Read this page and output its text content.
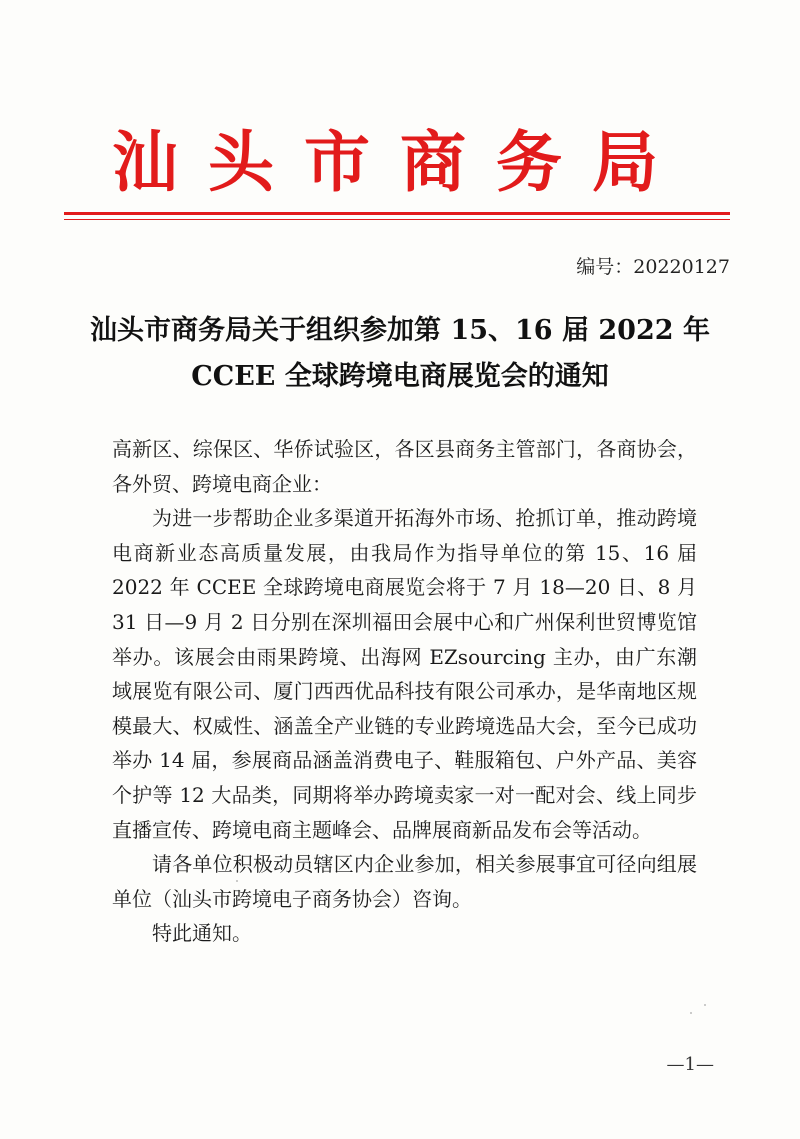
汕头市商务局
编号：20220127
汕头市商务局关于组织参加第 15、16 届 2022 年
CCEE 全球跨境电商展览会的通知

高新区、综保区、华侨试验区，各区县商务主管部门，各商协会，各外贸、跨境电商企业：

为进一步帮助企业多渠道开拓海外市场、抢抓订单，推动跨境电商新业态高质量发展，由我局作为指导单位的第 15、16 届 2022 年 CCEE 全球跨境电商展览会将于 7 月 18—20 日、8 月 31 日—9 月 2 日分别在深圳福田会展中心和广州保利世贸博览馆举办。该展会由雨果跨境、出海网 EZsourcing 主办，由广东潮域展览有限公司、厦门西西优品科技有限公司承办，是华南地区规模最大、权威性、涵盖全产业链的专业跨境选品大会，至今已成功举办 14 届，参展商品涵盖消费电子、鞋服箱包、户外产品、美容个护等 12 大品类，同期将举办跨境卖家一对一配对会、线上同步直播宣传、跨境电商主题峰会、品牌展商新品发布会等活动。

请各单位积极动员辖区内企业参加，相关参展事宜可径向组展单位（汕头市跨境电子商务协会）咨询。

特此通知。

—1—
